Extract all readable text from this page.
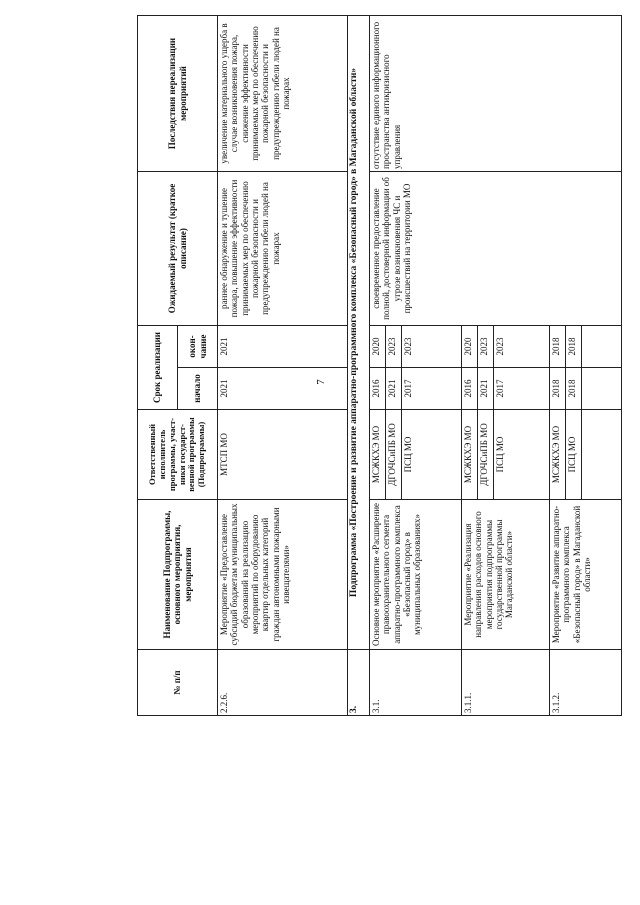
7
№ п/п	Наименование Подпрограммы, основного мероприятия, мероприятия	Ответственный исполнитель программы, участ-ники государст-венной программы (Подпрограммы)	Срок реализации		Ожидаемый результат (краткое описание)	Последствия нереализации мероприятий
			начало	окон-чание		
2.2.6.	Мероприятие «Предоставление субсидий бюджетам муниципальных образований на реализацию мероприятий по оборудованию квартир отдельных категорий граждан автономными пожарными извещателями»	МТСП МО	2021	2021	раннее обнаружение и тушение пожара, повышение эффективности принимаемых мер по обеспечению пожарной безопасности и предупреждению гибели людей на пожарах	увеличение материального ущерба в случае возникновения пожара, снижение эффективности принимаемых мер по обеспечению пожарной безопасности и предупреждению гибели людей на пожарах
3.	Подпрограмма «Построение и развитие аппаратно-программного комплекса «Безопасный город» в Магаданской области»					
3.1.	Основное мероприятие «Расширение правоохранительного сегмента аппаратно-программного комплекса «Безопасный город» в муниципальных образованиях»	МСЖКХЭ МО	2016	2020	своевременное предоставление полной, достоверной информации об угрозе возникновения ЧС и происшествий на территории МО	отсутствие единого информационного пространства антикризисного управления
		ДГОЧСиПБ МО	2021	2023		
		ПСЦ МО	2017	2023		
3.1.1.	Мероприятие «Реализация направления расходов основного мероприятия подпрограммы государственной программы Магаданской области»	МСЖКХЭ МО	2016	2020		
		ДГОЧСиПБ МО	2021	2023		
		ПСЦ МО	2017	2023		
3.1.2.	Мероприятие «Развитие аппаратно-программного комплекса «Безопасный город» в Магаданской области»	МСЖКХЭ МО	2018	2018		
		ПСЦ МО	2018	2018		
